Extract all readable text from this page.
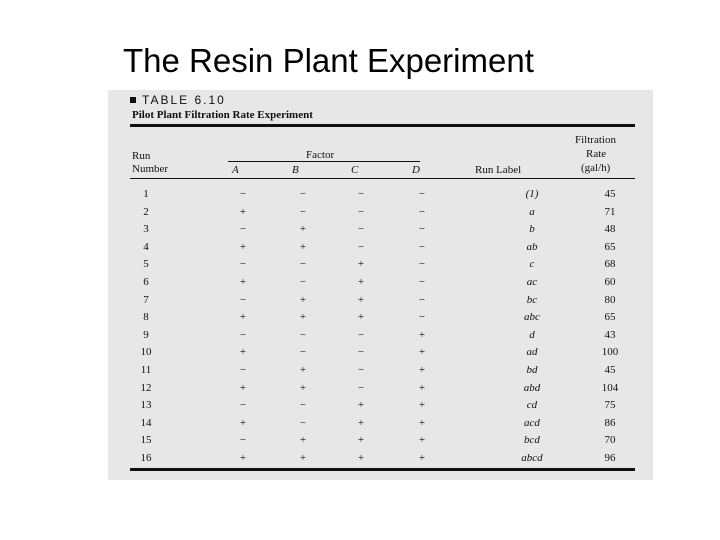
The Resin Plant Experiment
TABLE 6.10
Pilot Plant Filtration Rate Experiment
Run
Number
Factor
A	B	C	D	Run Label
Filtration
Rate
(gal/h)
1	−	−	−	−	(1)	45
2	+	−	−	−	a	71
3	−	+	−	−	b	48
4	+	+	−	−	ab	65
5	−	−	+	−	c	68
6	+	−	+	−	ac	60
7	−	+	+	−	bc	80
8	+	+	+	−	abc	65
9	−	−	−	+	d	43
10	+	−	−	+	ad	100
11	−	+	−	+	bd	45
12	+	+	−	+	abd	104
13	−	−	+	+	cd	75
14	+	−	+	+	acd	86
15	−	+	+	+	bcd	70
16	+	+	+	+	abcd	96
